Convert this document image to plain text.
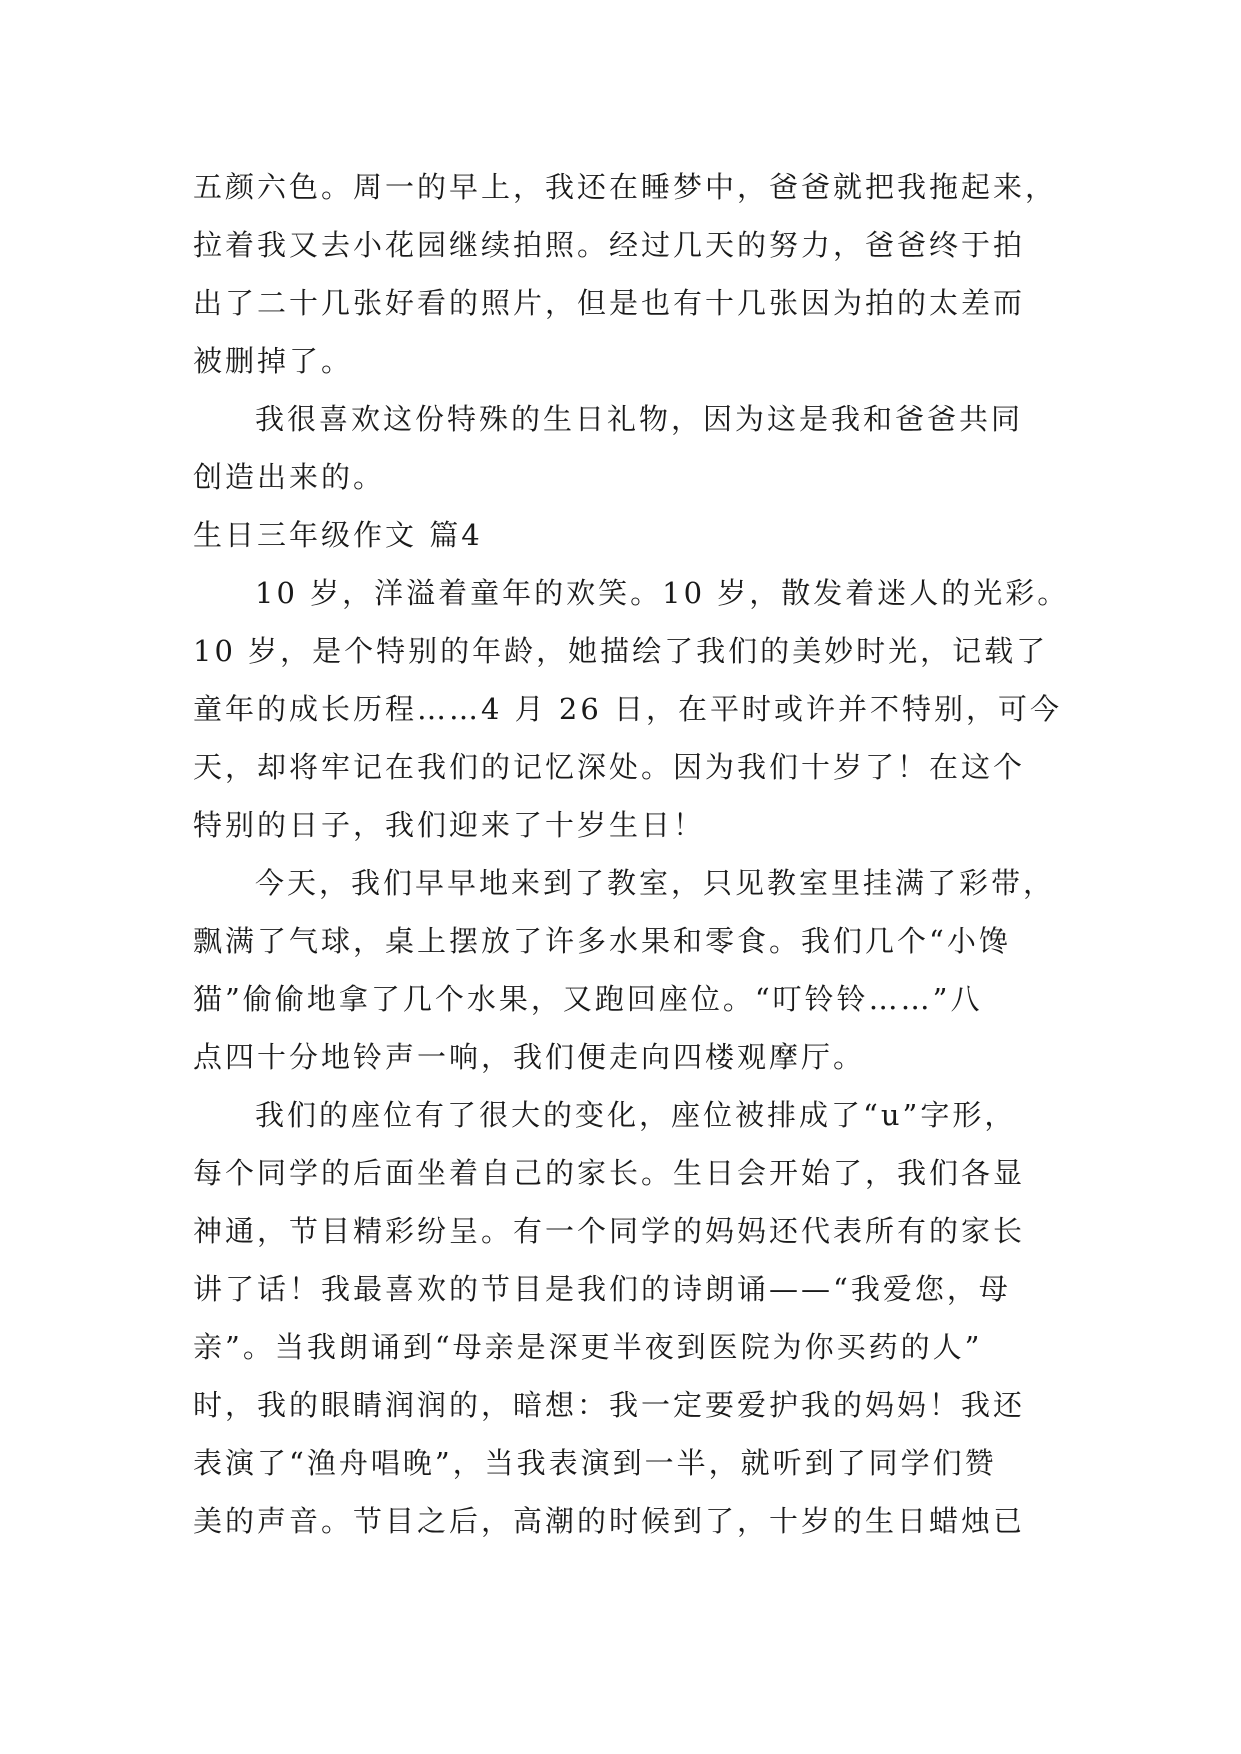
五颜六色。周一的早上，我还在睡梦中，爸爸就把我拖起来，
拉着我又去小花园继续拍照。经过几天的努力，爸爸终于拍
出了二十几张好看的照片，但是也有十几张因为拍的太差而
被删掉了。
我很喜欢这份特殊的生日礼物，因为这是我和爸爸共同
创造出来的。
生日三年级作文 篇4
10 岁，洋溢着童年的欢笑。10 岁，散发着迷人的光彩。
10 岁，是个特别的年龄，她描绘了我们的美妙时光，记载了
童年的成长历程……4 月 26 日，在平时或许并不特别，可今
天，却将牢记在我们的记忆深处。因为我们十岁了！在这个
特别的日子，我们迎来了十岁生日！
今天，我们早早地来到了教室，只见教室里挂满了彩带，
飘满了气球，桌上摆放了许多水果和零食。我们几个“小馋
猫”偷偷地拿了几个水果，又跑回座位。“叮铃铃……”八
点四十分地铃声一响，我们便走向四楼观摩厅。
我们的座位有了很大的变化，座位被排成了“u”字形，
每个同学的后面坐着自己的家长。生日会开始了，我们各显
神通，节目精彩纷呈。有一个同学的妈妈还代表所有的家长
讲了话！我最喜欢的节目是我们的诗朗诵——“我爱您，母
亲”。当我朗诵到“母亲是深更半夜到医院为你买药的人”
时，我的眼睛润润的，暗想：我一定要爱护我的妈妈！我还
表演了“渔舟唱晚”，当我表演到一半，就听到了同学们赞
美的声音。节目之后，高潮的时候到了，十岁的生日蜡烛已
